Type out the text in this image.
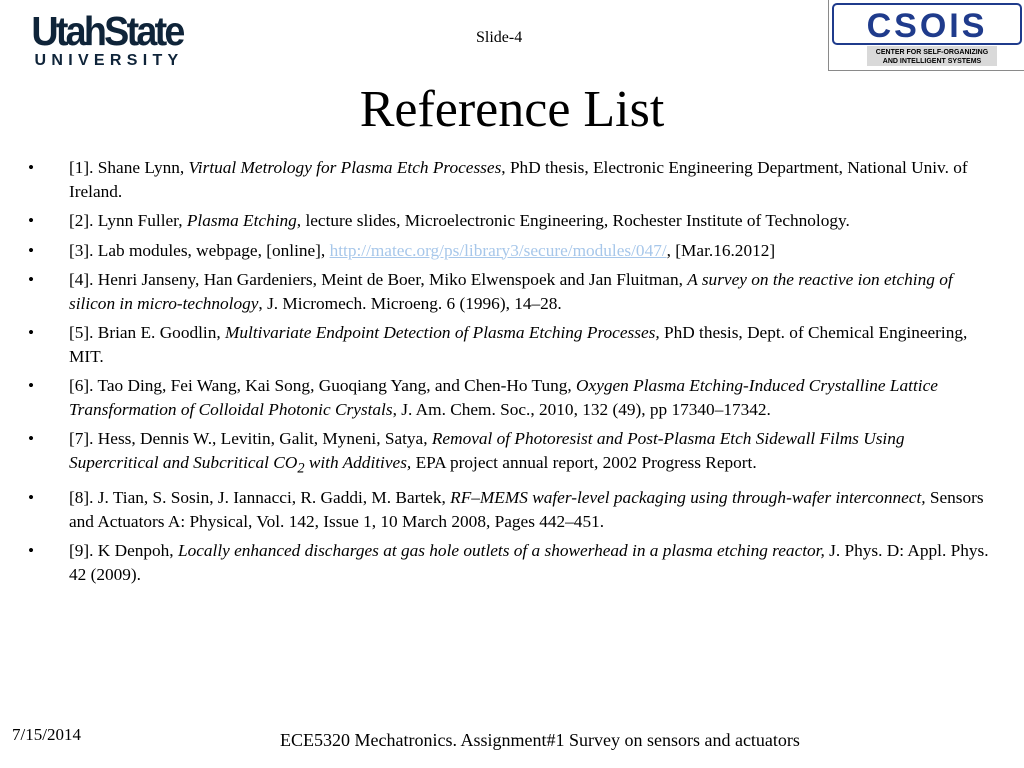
UtahState
UNIVERSITY
Slide-4	CSOIS
CENTER FOR SELF-ORGANIZING
AND INTELLIGENT SYSTEMS
Reference List
• [1]. Shane Lynn, Virtual Metrology for Plasma Etch Processes, PhD thesis, Electronic Engineering Department, National Univ. of Ireland.
• [2]. Lynn Fuller, Plasma Etching, lecture slides, Microelectronic Engineering, Rochester Institute of Technology.
• [3]. Lab modules, webpage, [online], http://matec.org/ps/library3/secure/modules/047/, [Mar.16.2012]
• [4]. Henri Janseny, Han Gardeniers, Meint de Boer, Miko Elwenspoek and Jan Fluitman, A survey on the reactive ion etching of silicon in micro-technology, J. Micromech. Microeng. 6 (1996), 14–28.
• [5]. Brian E. Goodlin, Multivariate Endpoint Detection of Plasma Etching Processes, PhD thesis, Dept. of Chemical Engineering, MIT.
• [6]. Tao Ding, Fei Wang, Kai Song, Guoqiang Yang, and Chen-Ho Tung, Oxygen Plasma Etching-Induced Crystalline Lattice Transformation of Colloidal Photonic Crystals, J. Am. Chem. Soc., 2010, 132 (49), pp 17340–17342.
• [7]. Hess, Dennis W., Levitin, Galit, Myneni, Satya, Removal of Photoresist and Post-Plasma Etch Sidewall Films Using Supercritical and Subcritical $CO_2$ with Additives, EPA project annual report, 2002 Progress Report.
• [8]. J. Tian, S. Sosin, J. Iannacci, R. Gaddi, M. Bartek, RF–MEMS wafer-level packaging using through-wafer interconnect, Sensors and Actuators A: Physical, Vol. 142, Issue 1, 10 March 2008, Pages 442–451.
• [9]. K Denpoh, Locally enhanced discharges at gas hole outlets of a showerhead in a plasma etching reactor, J. Phys. D: Appl. Phys. 42 (2009).
7/15/2014	ECE5320 Mechatronics. Assignment#1 Survey on sensors and actuators
